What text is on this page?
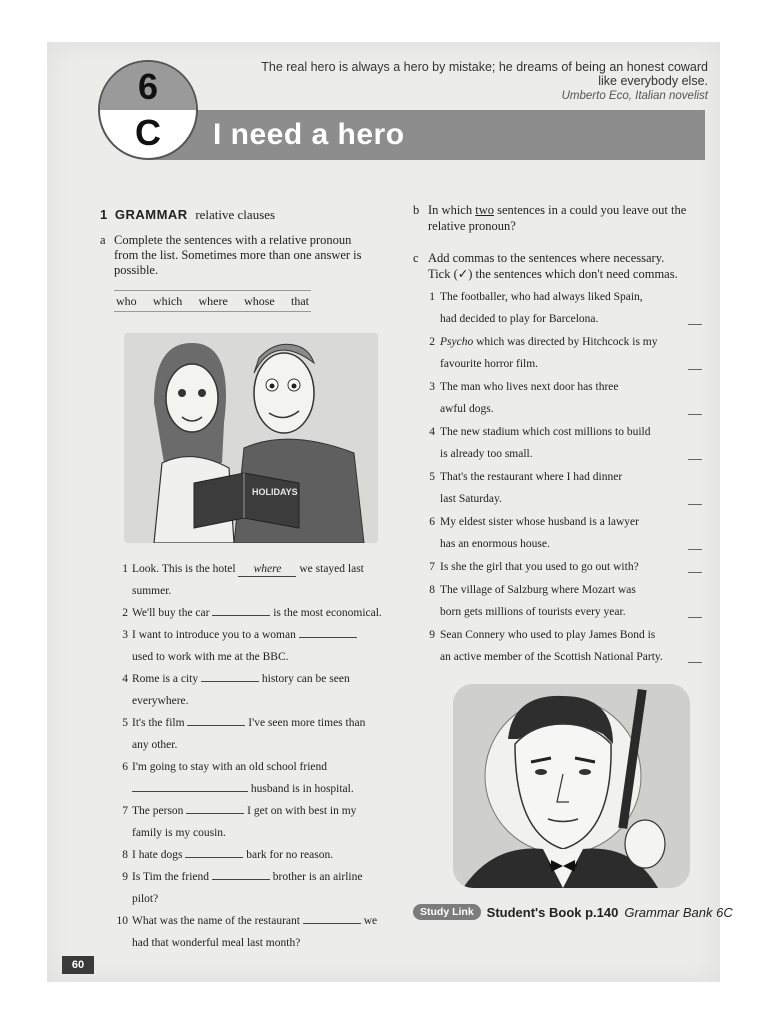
The real hero is always a hero by mistake; he dreams of being an honest coward like everybody else.
Umberto Eco, Italian novelist
I need a hero
6
C
1 GRAMMAR relative clauses
a Complete the sentences with a relative pronoun
from the list. Sometimes more than one answer is
possible.
who which where whose that
HOLIDAYS
1 Look. This is the hotel where we stayed last
summer.
2 We'll buy the car	is the most economical.
3 I want to introduce you to a woman
used to work with me at the BBC.
4 Rome is a city	history can be seen
everywhere.
5 It's the film	I've seen more times than
any other.
6 I'm going to stay with an old school friend
husband is in hospital.
7 The person	I get on with best in my
family is my cousin.
8 I hate dogs	bark for no reason.
9 Is Tim the friend	brother is an airline
pilot?
10 What was the name of the restaurant	we
had that wonderful meal last month?
b In which two sentences in a could you leave out the
relative pronoun?
c Add commas to the sentences where necessary.
Tick (✓) the sentences which don't need commas.
1 The footballer, who had always liked Spain,
had decided to play for Barcelona.
2 Psycho which was directed by Hitchcock is my
favourite horror film.
3 The man who lives next door has three
awful dogs.
4 The new stadium which cost millions to build
is already too small.
5 That's the restaurant where I had dinner
last Saturday.
6 My eldest sister whose husband is a lawyer
has an enormous house.
7 Is she the girl that you used to go out with?
8 The village of Salzburg where Mozart was
born gets millions of tourists every year.
9 Sean Connery who used to play James Bond is
an active member of the Scottish National Party.
Study Link	Student's Book p.140 Grammar Bank 6C
60
